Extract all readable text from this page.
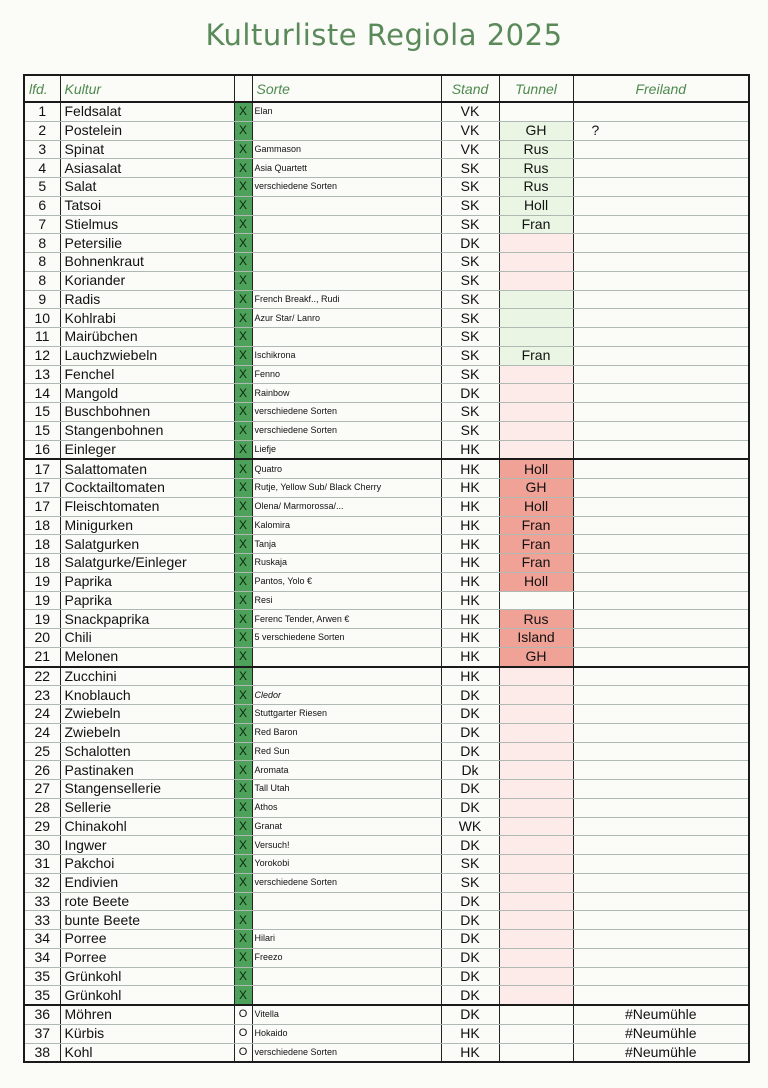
Kulturliste Regiola 2025
lfd.	Kultur		Sorte	Stand	Tunnel	Freiland
1	Feldsalat	X	Elan	VK		
2	Postelein	X		VK	GH	?
3	Spinat	X	Gammason	VK	Rus	
4	Asiasalat	X	Asia Quartett	SK	Rus	
5	Salat	X	verschiedene Sorten	SK	Rus	
6	Tatsoi	X		SK	Holl	
7	Stielmus	X		SK	Fran	
8	Petersilie	X		DK		
8	Bohnenkraut	X		SK		
8	Koriander	X		SK		
9	Radis	X	French Breakf.., Rudi	SK		
10	Kohlrabi	X	Azur Star/ Lanro	SK		
11	Mairübchen	X		SK		
12	Lauchzwiebeln	X	Ischikrona	SK	Fran	
13	Fenchel	X	Fenno	SK		
14	Mangold	X	Rainbow	DK		
15	Buschbohnen	X	verschiedene Sorten	SK		
15	Stangenbohnen	X	verschiedene Sorten	SK		
16	Einleger	X	Liefje	HK		
17	Salattomaten	X	Quatro	HK	Holl	
17	Cocktailtomaten	X	Rutje, Yellow Sub/ Black Cherry	HK	GH	
17	Fleischtomaten	X	Olena/ Marmorossa/...	HK	Holl	
18	Minigurken	X	Kalomira	HK	Fran	
18	Salatgurken	X	Tanja	HK	Fran	
18	Salatgurke/Einleger	X	Ruskaja	HK	Fran	
19	Paprika	X	Pantos, Yolo €	HK	Holl	
19	Paprika	X	Resi	HK		
19	Snackpaprika	X	Ferenc Tender, Arwen €	HK	Rus	
20	Chili	X	5 verschiedene Sorten	HK	Island	
21	Melonen	X		HK	GH	
22	Zucchini	X		HK		
23	Knoblauch	X	Cledor	DK		
24	Zwiebeln	X	Stuttgarter Riesen	DK		
24	Zwiebeln	X	Red Baron	DK		
25	Schalotten	X	Red Sun	DK		
26	Pastinaken	X	Aromata	Dk		
27	Stangensellerie	X	Tall Utah	DK		
28	Sellerie	X	Athos	DK		
29	Chinakohl	X	Granat	WK		
30	Ingwer	X	Versuch!	DK		
31	Pakchoi	X	Yorokobi	SK		
32	Endivien	X	verschiedene Sorten	SK		
33	rote Beete	X		DK		
33	bunte Beete	X		DK		
34	Porree	X	Hilari	DK		
34	Porree	X	Freezo	DK		
35	Grünkohl	X		DK		
35	Grünkohl	X		DK		
36	Möhren	O	Vitella	DK		#Neumühle
37	Kürbis	O	Hokaido	HK		#Neumühle
38	Kohl	O	verschiedene Sorten	HK		#Neumühle
